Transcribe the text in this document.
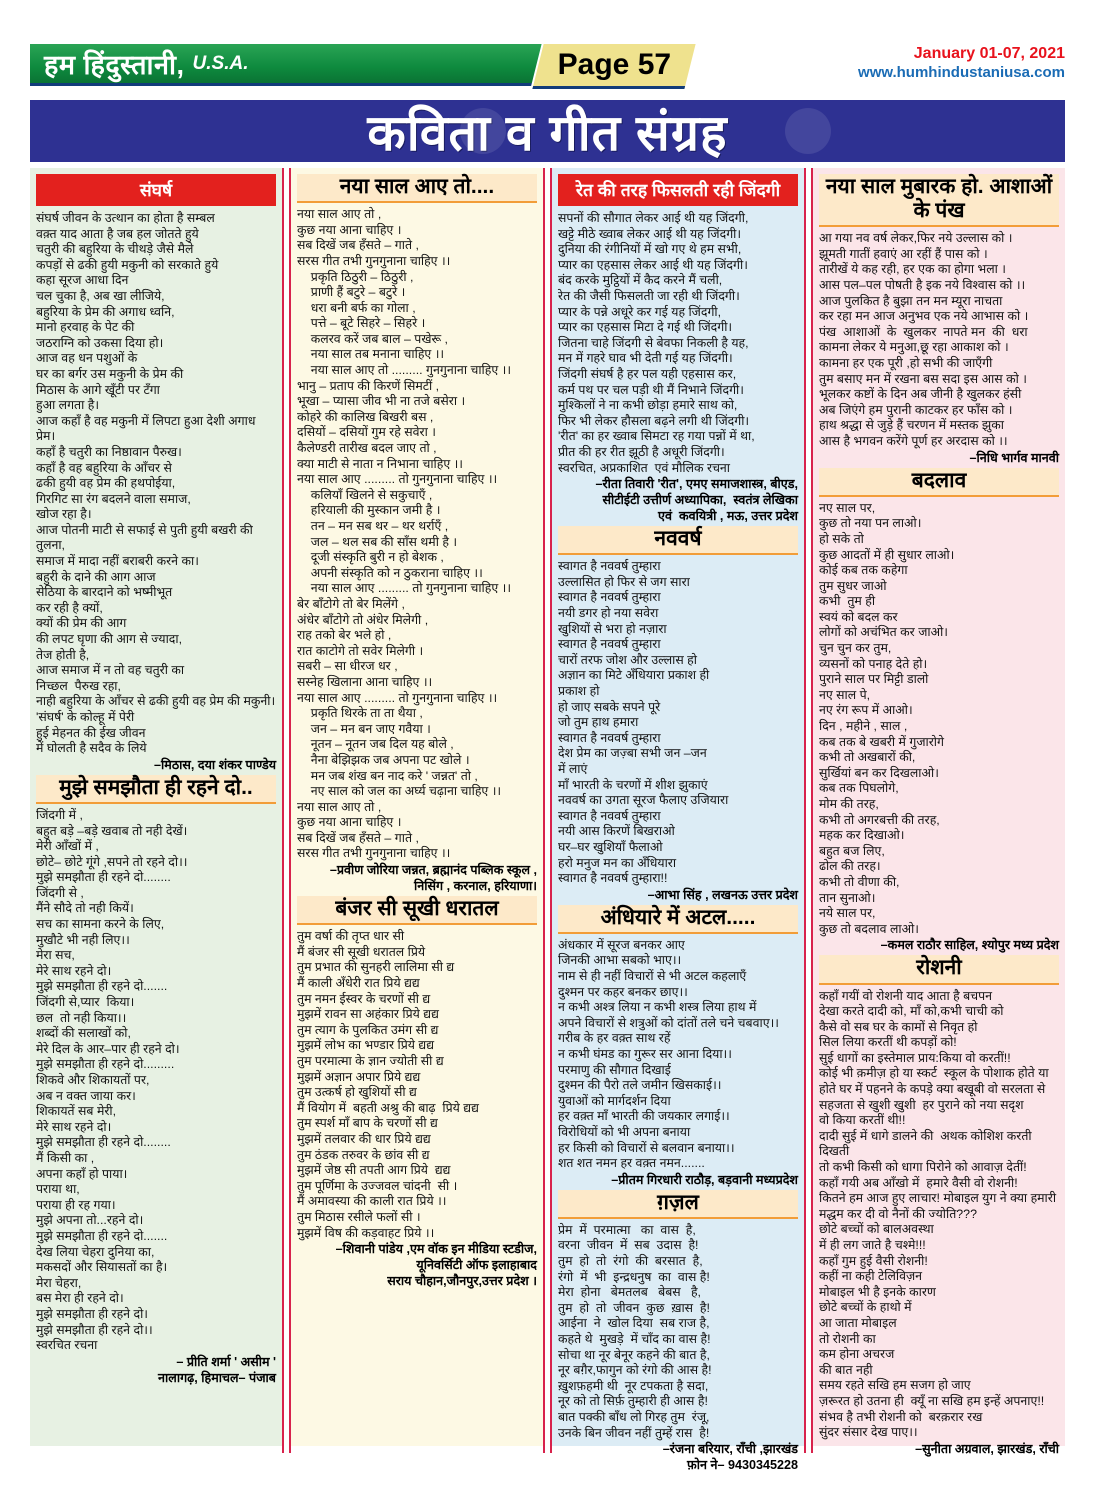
हम हिंदुस्तानी, U.S.A.	Page 57	January 01-07, 2021
www.humhindustaniusa.com
कविता व गीत संग्रह
संघर्ष
संघर्ष जीवन के उत्थान का होता है सम्बल
वक़्त याद आता है जब हल जोतते हुये
चतुरी की बहुरिया के चीथड़े जैसे मैले
कपड़ों से ढकी हुयी मकुनी को सरकाते हुये
कहा सूरज आधा दिन
चल चुका है, अब खा लीजिये,
बहुरिया के प्रेम की अगाध ध्वनि,
मानो हरवाह के पेट की
जठराग्नि को उकसा दिया हो।
आज वह धन पशुओं के
घर का बर्गर उस मकुनी के प्रेम की
मिठास के आगे खूँटी पर टँगा
हुआ लगता है।
आज कहाँ है वह मकुनी में लिपटा हुआ देशी अगाध प्रेम।
कहाँ है चतुरी का निष्ठावान पैरुख।
कहाँ है वह बहुरिया के आँचर से
ढकी हुयी वह प्रेम की हथपोईया,
गिरगिट सा रंग बदलने वाला समाज,
खोज रहा है।
आज पोतनी माटी से सफाई से पुती हुयी बखरी की तुलना,
समाज में मादा नहीं बराबरी करने का।
बहुरी के दाने की आग आज
सेठिया के बारदाने को भष्मीभूत
कर रही है क्यों,
क्यों की प्रेम की आग
की लपट घृणा की आग से ज्यादा,
तेज होती है,
आज समाज में न तो वह चतुरी का
निच्छल  पैरुख रहा,
नाही बहुरिया के आँचर से ढकी हुयी वह प्रेम की मकुनी।
'संघर्ष' के कोल्हू में पेरी
हुई मेहनत की ईख जीवन
में घोलती है सदैव के लिये
–मिठास, दया शंकर पाण्डेय
मुझे समझौता ही रहने दो..
जिंदगी में ,
बहुत बड़े –बड़े खवाब तो नही देखें।
मेरी आँखों में ,
छोटे– छोटे गूंगे ,सपने तो रहने दो।।
मुझे समझौता ही रहने दो........
जिंदगी से ,
मैंने सौदे तो नही कियें।
सच का सामना करने के लिए,
मुखौटे भी नही लिए।।
मेरा सच,
मेरे साथ रहने दो।
मुझे समझौता ही रहने दो.......
जिंदगी से,प्यार  किया।
छल  तो नही किया।।
शब्दों की सलाखों को,
मेरे दिल के आर–पार ही रहने दो।
मुझे समझौता ही रहने दो.........
शिकवे और शिकायतों पर,
अब न वक्त जाया कर।
शिकायतें सब मेरी,
मेरे साथ रहने दो।
मुझे समझौता ही रहने दो........
मैं किसी का ,
अपना कहाँ हो पाया।
पराया था,
पराया ही रह गया।
मुझे अपना तो...रहने दो।
मुझे समझौता ही रहने दो.......
देख लिया चेहरा दुनिया का,
मकसदों और सियासतों का है।
मेरा चेहरा,
बस मेरा ही रहने दो।
मुझे समझौता ही रहने दो।
मुझे समझौता ही रहने दो।।
स्वरचित रचना
– प्रीति शर्मा ' असीम '
नालागढ़, हिमाचल– पंजाब
नया साल आए तो....
नया साल आए तो ,
कुछ नया आना चाहिए ।
सब दिखें जब हँसते – गाते ,
सरस गीत तभी गुनगुनाना चाहिए ।।
प्रकृति ठिठुरी – ठिठुरी ,
प्राणी हैं बटुरे – बटुरे ।
धरा बनी बर्फ का गोला ,
पत्ते – बूटे सिहरे – सिहरे ।
कलरव करें जब बाल – पखेरू ,
नया साल तब मनाना चाहिए ।।
नया साल आए तो ......... गुनगुनाना चाहिए ।।
भानु – प्रताप की किरणें सिमटीं ,
भूखा – प्यासा जीव भी ना तजे बसेरा ।
कोहरे की कालिख बिखरी बस ,
दसियों – दसियों गुम रहे सवेरा ।
कैलेण्डरी तारीख बदल जाए तो ,
क्या माटी से नाता न निभाना चाहिए ।।
नया साल आए ......... तो गुनगुनाना चाहिए ।।
कलियाँ खिलने से सकुचाएँ ,
हरियाली की मुस्कान जमी है ।
तन – मन सब थर – थर थर्राएँ ,
जल – थल सब की साँस थमी है ।
दूजी संस्कृति बुरी न हो बेशक ,
अपनी संस्कृति को न ठुकराना चाहिए ।।
नया साल आए ......... तो गुनगुनाना चाहिए ।।
बेर बाँटोगे तो बेर मिलेंगे ,
अंधेर बाँटोगे तो अंधेर मिलेगी ,
राह तको बेर भले हो ,
रात काटोगे तो सवेर मिलेगी ।
सबरी – सा धीरज धर ,
सस्नेह खिलाना आना चाहिए ।।
नया साल आए ......... तो गुनगुनाना चाहिए ।।
प्रकृति थिरके ता ता थैया ,
जन – मन बन जाए गवैया ।
नूतन – नूतन जब दिल यह बोले ,
नैना बेझिझक जब अपना पट खोले ।
मन जब शंख बन नाद करे ' जन्नत' तो ,
नए साल को जल का अर्घ्य चढ़ाना चाहिए ।।
नया साल आए तो ,
कुछ नया आना चाहिए ।
सब दिखें जब हँसते – गाते ,
सरस गीत तभी गुनगुनाना चाहिए ।।
–प्रवीण जोरिया जन्नत, ब्रह्मानंद पब्लिक स्कूल ,
निसिंग , करनाल, हरियाणा।
बंजर सी सूखी धरातल
तुम वर्षा की तृप्त धार सी
मैं बंजर सी सूखी धरातल प्रिये
तुम प्रभात की सुनहरी लालिमा सी द्य
मैं काली अँधेरी रात प्रिये द्यद्य
तुम नमन ईस्वर के चरणों सी द्य
मुझमें रावन सा अहंकार प्रिये द्यद्य
तुम त्याग के पुलकित उमंग सी द्य
मुझमें लोभ का भण्डार प्रिये द्यद्य
तुम परमात्मा के ज्ञान ज्योती सी द्य
मुझमें अज्ञान अपार प्रिये द्यद्य
तुम उत्कर्ष हो खुशियों सी द्य
मैं वियोग में  बहती अश्रु की बाढ़  प्रिये द्यद्य
तुम स्पर्श माँ बाप के चरणों सी द्य
मुझमें तलवार की धार प्रिये द्यद्य
तुम ठंडक तरुवर के छांव सी द्य
मुझमें जेष्ठ सी तपती आग प्रिये  द्यद्य
तुम पूर्णिमा के उज्जवल चांदनी  सी ।
मैं अमावस्या की काली रात प्रिये ।।
तुम मिठास रसीले फलों सी ।
मुझमें विष की कड़वाहट प्रिये ।।
–शिवानी पांडेय ,एम वॉक इन मीडिया स्टडीज,
यूनिवर्सिटी ऑफ इलाहाबाद
सराय चौहान,जौनपुर,उत्तर प्रदेश ।
रेत की तरह फिसलती रही जिंदगी
सपनों की सौगात लेकर आई थी यह जिंदगी,
खट्टे मीठे ख्वाब लेकर आई थी यह जिंदगी।
दुनिया की रंगीनियों में खो गए थे हम सभी,
प्यार का एहसास लेकर आई थी यह जिंदगी।
बंद करके मुट्ठियों में कैद करने मैं चली,
रेत की जैसी फिसलती जा रही थी जिंदगी।
प्यार के पन्ने अधूरे कर गई यह जिंदगी,
प्यार का एहसास मिटा दे गई थी जिंदगी।
जितना चाहे जिंदगी से बेवफा निकली है यह,
मन में गहरे घाव भी देती गई यह जिंदगी।
जिंदगी संघर्ष है हर पल यही एहसास कर,
कर्म पथ पर चल पड़ी थी मैं निभाने जिंदगी।
मुश्किलों ने ना कभी छोड़ा हमारे साथ को,
फिर भी लेकर हौसला बढ़ने लगी थी जिंदगी।
'रीत' का हर ख्वाब सिमटा रह गया पन्नों में था,
प्रीत की हर रीत झूठी है अधूरी जिंदगी।
स्वरचित, अप्रकाशित  एवं मौलिक रचना
–रीता तिवारी 'रीत', एमए समाजशास्त्र, बीएड,
सीटीईटी उत्तीर्ण अध्यापिका,  स्वतंत्र लेखिका
एवं  कवयित्री , मऊ, उत्तर प्रदेश
नववर्ष
स्वागत है नववर्ष तुम्हारा
उल्लासित हो फिर से जग सारा
स्वागत है नववर्ष तुम्हारा
नयी डगर हो नया सवेरा
खुशियों से भरा हो नज़ारा
स्वागत है नववर्ष तुम्हारा
चारों तरफ जोश और उल्लास हो
अज्ञान का मिटे अँधियारा प्रकाश ही
प्रकाश हो
हो जाए सबके सपने पूरे
जो तुम हाथ हमारा
स्वागत है नववर्ष तुम्हारा
देश प्रेम का जज़्बा सभी जन –जन
में लाएं
माँ भारती के चरणों में शीश झुकाएं
नववर्ष का उगता सूरज फैलाए उजियारा
स्वागत है नववर्ष तुम्हारा
नयी आस किरणें बिखराओ
घर–घर खुशियाँ फैलाओ
हरो मनुज मन का अँधियारा
स्वागत है नववर्ष तुम्हारा!!
–आभा सिंह , लखनऊ उत्तर प्रदेश
अंधियारे में अटल.....
अंधकार में सूरज बनकर आए
जिनकी आभा सबको भाए।।
नाम से ही नहीं विचारों से भी अटल कहलाएँ
दुश्मन पर कहर बनकर छाए।।
न कभी अश्त्र लिया न कभी शस्त्र लिया हाथ में
अपने विचारों से शत्रुओं को दांतों तले चने चबवाए।।
गरीब के हर वक़्त साथ रहें
न कभी घंमड का गुरूर सर आना दिया।।
परमाणु की सौगात दिखाई
दुश्मन की पैरो तले जमीन खिसकाई।।
युवाओं को मार्गदर्शन दिया
हर वक़्त माँ भारती की जयकार लगाई।।
विरोधियों को भी अपना बनाया
हर किसी को विचारों से बलवान बनाया।।
शत शत नमन हर वक़्त नमन.......
–प्रीतम गिरधारी राठौड़, बड़वानी मध्यप्रदेश
ग़ज़ल
प्रेम  में  परमात्मा   का  वास  है,
वरना  जीवन  में  सब  उदास  है!
तुम  हो  तो  रंगो  की  बरसात  है,
रंगो  में  भी  इन्द्रधनुष  का  वास है!
मेरा  होना   बेमतलब   बेबस   है,
तुम  हो  तो  जीवन  कुछ  ख़ास  है!
आईना  ने  खोल दिया  सब राज है,
कहते थे  मुखड़े  में चाँद का वास है!
सोचा था नूर बेनूर कहने की बात है,
नूर बग़ैर,फागुन को रंगो की आस है!
ख़ुशफ़हमी थी  नूर टपकता है सदा,
नूर को तो सिर्फ़ तुम्हारी ही आस है!
बात पक्की बाँध लो गिरह तुम  रंजू,
उनके बिन जीवन नहीं तुम्हें रास  है!
–रंजना बरियार, राँची ,झारखंड
फ़ोन ने– 9430345228
नया साल मुबारक हो. आशाओं के पंख
आ गया नव वर्ष लेकर,फिर नये उल्लास को ।
झूमती गातीं हवाएं आ रहीं हैं पास को ।
तारीखें ये कह रही, हर एक का होगा भला ।
आस पल–पल पोषती है इक नये विश्वास को ।।
आज पुलकित है बुझा तन मन म्यूरा नाचता
कर रहा मन आज अनुभव एक नये आभास को ।
पंख  आशाओं  के  खुलकर  नापते मन  की  धरा
कामना लेकर ये मनुआ,छू रहा आकाश को ।
कामना हर एक पूरी ,हो सभी की जाएँगी
तुम बसाए मन में रखना बस सदा इस आस को ।
भूलकर कष्टों के दिन अब जीनी है खुलकर हंसी
अब जिएंगे हम पुरानी काटकर हर फाँस को ।
हाथ श्रद्धा से जुड़े हैं चरणन में मस्तक झुका
आस है भगवन करेंगे पूर्ण हर अरदास को ।।
–निधि भार्गव मानवी
बदलाव
नए साल पर,
कुछ तो नया पन लाओ।
हो सके तो
कुछ आदतों में ही सुधार लाओ।
कोई कब तक कहेगा
तुम सुधर जाओ
कभी  तुम ही
स्वयं को बदल कर
लोगों को अचंभित कर जाओ।
चुन चुन कर तुम,
व्यसनों को पनाह देते हो।
पुराने साल पर मिट्टी डालो
नए साल पे,
नए रंग रूप में आओ।
दिन , महीने , साल ,
कब तक बे खबरी में गुजारोगे
कभी तो अखबारों की,
सुर्खियां बन कर दिखलाओ।
कब तक पिघलोगे,
मोम की तरह,
कभी तो अगरबत्ती की तरह,
महक कर दिखाओ।
बहुत बज लिए,
ढोल की तरह।
कभी तो वीणा की,
तान सुनाओ।
नये साल पर,
कुछ तो बदलाव लाओ।
–कमल राठौर साहिल, श्योपुर मध्य प्रदेश
रोशनी
कहाँ गयीं वो रोशनी याद आता है बचपन
देखा करते दादी को, माँ को,कभी चाची को
कैसे वो सब घर के कामों से निवृत हो
सिल लिया करतीं थी कपड़ों को!
सुई धागों का इस्तेमाल प्राय:किया वो करतीं!!
कोई भी क़मीज़ हो या स्कर्ट  स्कूल के पोशाक होते या
होते घर में पहनने के कपड़े क्या बखूबी वो सरलता से
सहजता से खुशी खुशी  हर पुराने को नया सदृश
वो किया करतीं थी!!
दादी सुई में धागे डालने की  अथक कोशिश करती दिखती
तो कभी किसी को धागा पिरोने को आवाज़ देतीं!
कहाँ गयी अब आँखो में  हमारे वैसी वो रोशनी!
कितने हम आज हुए लाचार! मोबाइल युग ने क्या हमारी
मद्धम कर दी वो नैनों की ज्योति???
छोटे बच्चों को बालअवस्था
में ही लग जाते है चश्मे!!!
कहाँ गुम हुई वैसी रोशनी!
कहीं ना कही टेलिविज़न
मोबाइल भी है इनके कारण
छोटे बच्चों के हाथो में
आ जाता मोबाइल
तो रोशनी का
कम होना अचरज
की बात नही
समय रहते सखि हम सजग हो जाए
ज़रूरत हो उतना ही  क्यूँ ना सखि हम इन्हें अपनाए!!
संभव है तभी रोशनी को  बरक़रार रख
सुंदर संसार देख पाए।।
–सुनीता अग्रवाल, झारखंड, राँची
